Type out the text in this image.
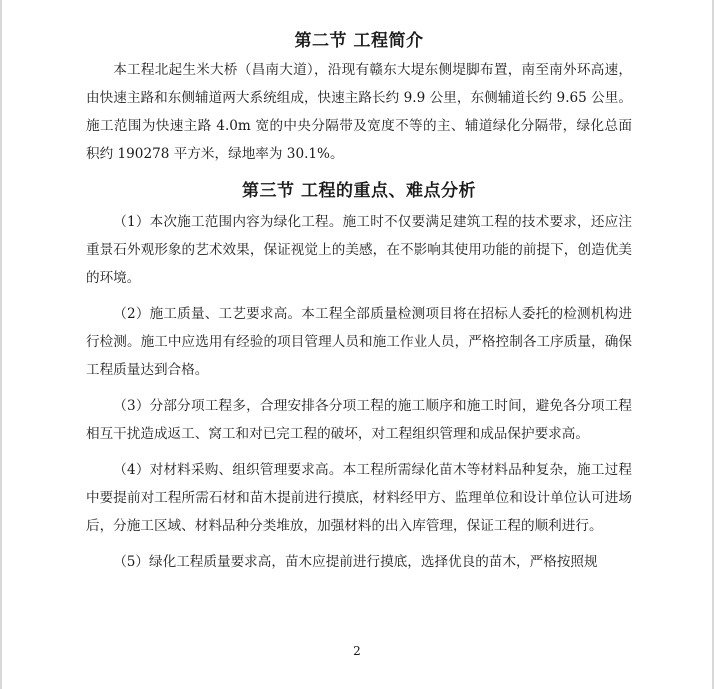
第二节 工程简介

本工程北起生米大桥（昌南大道），沿现有赣东大堤东侧堤脚布置，南至南外环高速，由快速主路和东侧辅道两大系统组成，快速主路长约 9.9 公里，东侧辅道长约 9.65 公里。施工范围为快速主路 4.0m 宽的中央分隔带及宽度不等的主、辅道绿化分隔带，绿化总面积约 190278 平方米，绿地率为 30.1%。

第三节 工程的重点、难点分析

（1）本次施工范围内容为绿化工程。施工时不仅要满足建筑工程的技术要求，还应注重景石外观形象的艺术效果，保证视觉上的美感，在不影响其使用功能的前提下，创造优美的环境。

（2）施工质量、工艺要求高。本工程全部质量检测项目将在招标人委托的检测机构进行检测。施工中应选用有经验的项目管理人员和施工作业人员，严格控制各工序质量，确保工程质量达到合格。

（3）分部分项工程多，合理安排各分项工程的施工顺序和施工时间，避免各分项工程相互干扰造成返工、窝工和对已完工程的破坏，对工程组织管理和成品保护要求高。

（4）对材料采购、组织管理要求高。本工程所需绿化苗木等材料品种复杂，施工过程中要提前对工程所需石材和苗木提前进行摸底，材料经甲方、监理单位和设计单位认可进场后，分施工区域、材料品种分类堆放，加强材料的出入库管理，保证工程的顺利进行。

（5）绿化工程质量要求高，苗木应提前进行摸底，选择优良的苗木，严格按照规

2
